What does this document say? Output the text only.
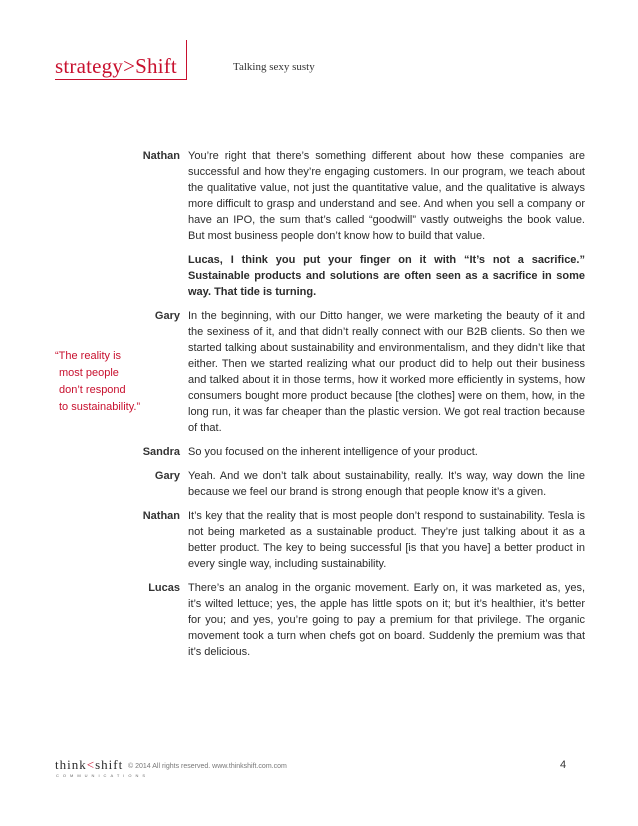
strategy>Shift	Talking sexy susty
“The reality is
most people
don’t respond
to sustainability.”
Nathan You’re right that there’s something different about how these companies are successful and how they’re engaging customers. In our program, we teach about the qualitative value, not just the quantitative value, and the qualitative is always more difficult to grasp and understand and see. And when you sell a company or have an IPO, the sum that’s called “goodwill” vastly outweighs the book value. But most business people don’t know how to build that value.
Lucas, I think you put your finger on it with “It’s not a sacrifice.” Sustainable products and solutions are often seen as a sacrifice in some way. That tide is turning.
Gary In the beginning, with our Ditto hanger, we were marketing the beauty of it and the sexiness of it, and that didn’t really connect with our B2B clients. So then we started talking about sustainability and environmentalism, and they didn’t like that either. Then we started realizing what our product did to help out their business and talked about it in those terms, how it worked more efficiently in systems, how consumers bought more product because [the clothes] were on them, how, in the long run, it was far cheaper than the plastic version. We got real traction because of that.
Sandra So you focused on the inherent intelligence of your product.
Gary Yeah. And we don’t talk about sustainability, really. It’s way, way down the line because we feel our brand is strong enough that people know it’s a given.
Nathan It’s key that the reality that is most people don’t respond to sustainability. Tesla is not being marketed as a sustainable product. They’re just talking about it as a better product. The key to being successful [is that you have] a better product in every single way, including sustainability.
Lucas There’s an analog in the organic movement. Early on, it was marketed as, yes, it’s wilted lettuce; yes, the apple has little spots on it; but it’s healthier, it’s better for you; and yes, you’re going to pay a premium for that privilege. The organic movement took a turn when chefs got on board. Suddenly the premium was that it’s delicious.
think<shift
COMMUNICATIONS
© 2014 All rights reserved. www.thinkshift.com.com	4
